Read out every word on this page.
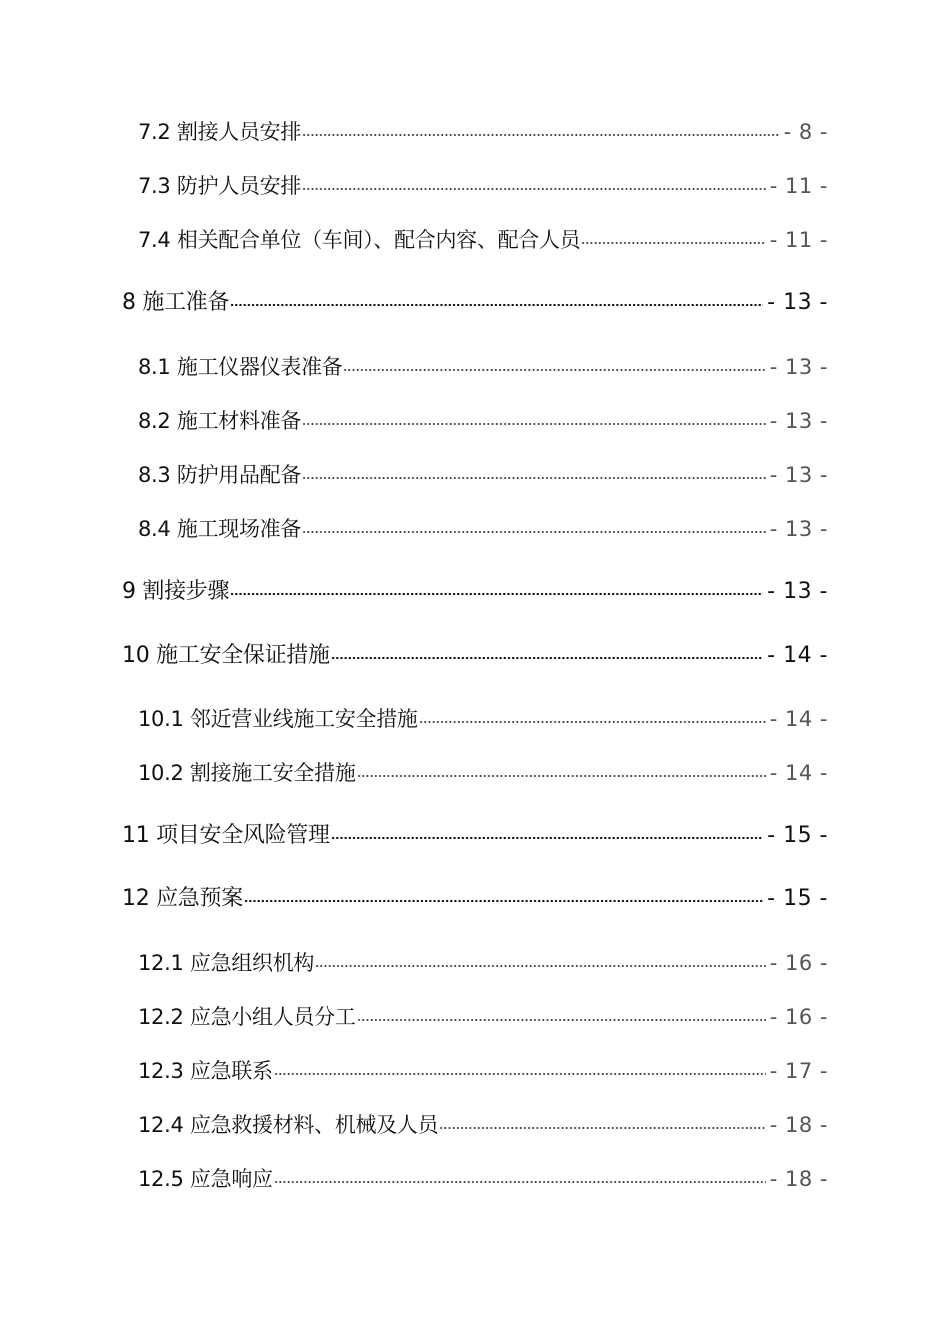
7.2 割接人员安排	- 8 -
7.3 防护人员安排	- 11 -
7.4 相关配合单位（车间）、配合内容、配合人员	- 11 -
8 施工准备	- 13 -
8.1 施工仪器仪表准备	- 13 -
8.2 施工材料准备	- 13 -
8.3 防护用品配备	- 13 -
8.4 施工现场准备	- 13 -
9 割接步骤	- 13 -
10 施工安全保证措施	- 14 -
10.1 邻近营业线施工安全措施	- 14 -
10.2 割接施工安全措施	- 14 -
11 项目安全风险管理	- 15 -
12 应急预案	- 15 -
12.1 应急组织机构	- 16 -
12.2 应急小组人员分工	- 16 -
12.3 应急联系	- 17 -
12.4 应急救援材料、机械及人员	- 18 -
12.5 应急响应	- 18 -
